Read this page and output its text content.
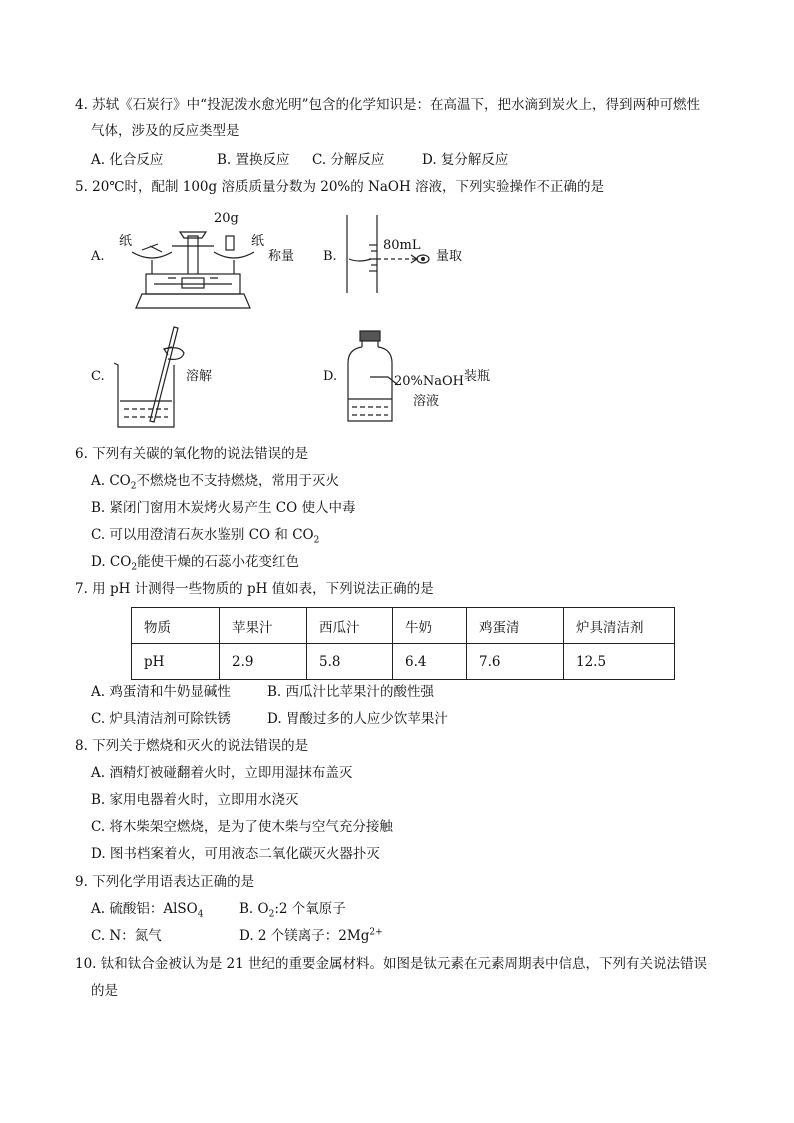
4. 苏轼《石炭行》中“投泥泼水愈光明”包含的化学知识是：在高温下，把水滴到炭火上，得到两种可燃性
气体，涉及的反应类型是
A. 化合反应	B. 置换反应 C. 分解反应	D. 复分解反应
5. 20℃时，配制 100g 溶质质量分数为 20%的 NaOH 溶液，下列实验操作不正确的是
A.
纸
20g
纸
称量 B.
80mL
量取
C.	溶解	D.	20%NaOH
溶液
装瓶
6. 下列有关碳的氧化物的说法错误的是
A. $CO_2$不燃烧也不支持燃烧，常用于灭火
B. 紧闭门窗用木炭烤火易产生 CO 使人中毒
C. 可以用澄清石灰水鉴别 CO 和 $CO_2$
D. $CO_2$能使干燥的石蕊小花变红色
7. 用 pH 计测得一些物质的 pH 值如表，下列说法正确的是
物质	苹果汁	西瓜汁	牛奶	鸡蛋清	炉具清洁剂
pH	2.9	5.8	6.4	7.6	12.5
A. 鸡蛋清和牛奶显碱性	B. 西瓜汁比苹果汁的酸性强
C. 炉具清洁剂可除铁锈	D. 胃酸过多的人应少饮苹果汁
8. 下列关于燃烧和灭火的说法错误的是
A. 酒精灯被碰翻着火时，立即用湿抹布盖灭
B. 家用电器着火时，立即用水浇灭
C. 将木柴架空燃烧，是为了使木柴与空气充分接触
D. 图书档案着火，可用液态二氧化碳灭火器扑灭
9. 下列化学用语表达正确的是
A. 硫酸铝：AlSO$_4$	B. $O_2:2$ 个氧原子
C. N：氮气	D. 2 个镁离子：$2Mg^{2+}$
10. 钛和钛合金被认为是 21 世纪的重要金属材料。如图是钛元素在元素周期表中信息，下列有关说法错误
的是
